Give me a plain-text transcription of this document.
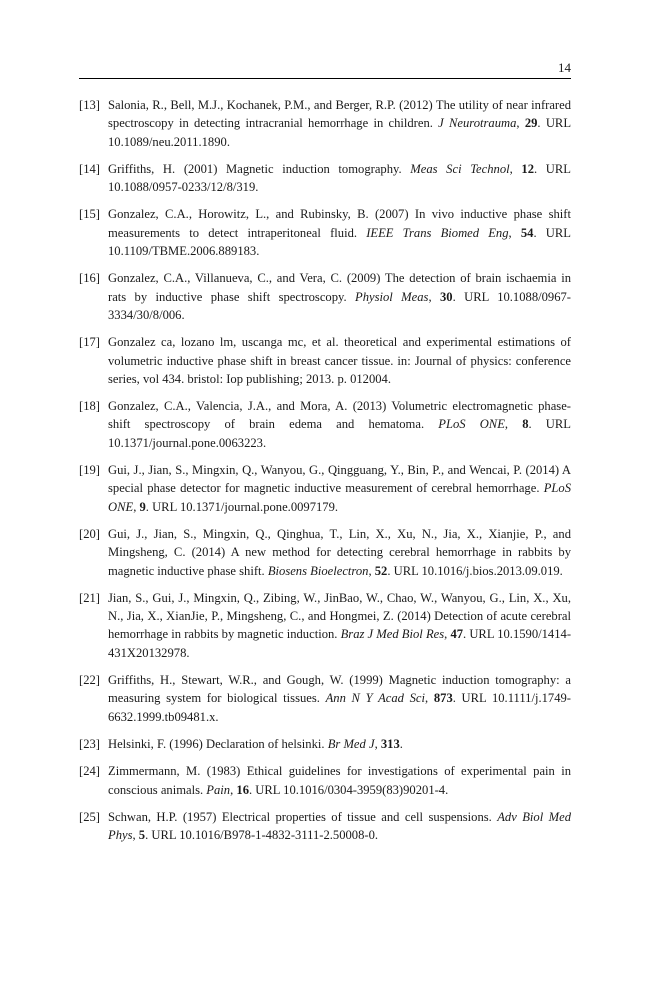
14
[13] Salonia, R., Bell, M.J., Kochanek, P.M., and Berger, R.P. (2012) The utility of near infrared spectroscopy in detecting intracranial hemorrhage in children. J Neurotrauma, 29. URL 10.1089/neu.2011.1890.
[14] Griffiths, H. (2001) Magnetic induction tomography. Meas Sci Technol, 12. URL 10.1088/0957-0233/12/8/319.
[15] Gonzalez, C.A., Horowitz, L., and Rubinsky, B. (2007) In vivo inductive phase shift measurements to detect intraperitoneal fluid. IEEE Trans Biomed Eng, 54. URL 10.1109/TBME.2006.889183.
[16] Gonzalez, C.A., Villanueva, C., and Vera, C. (2009) The detection of brain ischaemia in rats by inductive phase shift spectroscopy. Physiol Meas, 30. URL 10.1088/0967-3334/30/8/006.
[17] Gonzalez ca, lozano lm, uscanga mc, et al. theoretical and experimental estimations of volumetric inductive phase shift in breast cancer tissue. in: Journal of physics: conference series, vol 434. bristol: Iop publishing; 2013. p. 012004.
[18] Gonzalez, C.A., Valencia, J.A., and Mora, A. (2013) Volumetric electromagnetic phase-shift spectroscopy of brain edema and hematoma. PLoS ONE, 8. URL 10.1371/journal.pone.0063223.
[19] Gui, J., Jian, S., Mingxin, Q., Wanyou, G., Qingguang, Y., Bin, P., and Wencai, P. (2014) A special phase detector for magnetic inductive measurement of cerebral hemorrhage. PLoS ONE, 9. URL 10.1371/journal.pone.0097179.
[20] Gui, J., Jian, S., Mingxin, Q., Qinghua, T., Lin, X., Xu, N., Jia, X., Xianjie, P., and Mingsheng, C. (2014) A new method for detecting cerebral hemorrhage in rabbits by magnetic inductive phase shift. Biosens Bioelectron, 52. URL 10.1016/j.bios.2013.09.019.
[21] Jian, S., Gui, J., Mingxin, Q., Zibing, W., JinBao, W., Chao, W., Wanyou, G., Lin, X., Xu, N., Jia, X., XianJie, P., Mingsheng, C., and Hongmei, Z. (2014) Detection of acute cerebral hemorrhage in rabbits by magnetic induction. Braz J Med Biol Res, 47. URL 10.1590/1414-431X20132978.
[22] Griffiths, H., Stewart, W.R., and Gough, W. (1999) Magnetic induction tomography: a measuring system for biological tissues. Ann N Y Acad Sci, 873. URL 10.1111/j.1749-6632.1999.tb09481.x.
[23] Helsinki, F. (1996) Declaration of helsinki. Br Med J, 313.
[24] Zimmermann, M. (1983) Ethical guidelines for investigations of experimental pain in conscious animals. Pain, 16. URL 10.1016/0304-3959(83)90201-4.
[25] Schwan, H.P. (1957) Electrical properties of tissue and cell suspensions. Adv Biol Med Phys, 5. URL 10.1016/B978-1-4832-3111-2.50008-0.
